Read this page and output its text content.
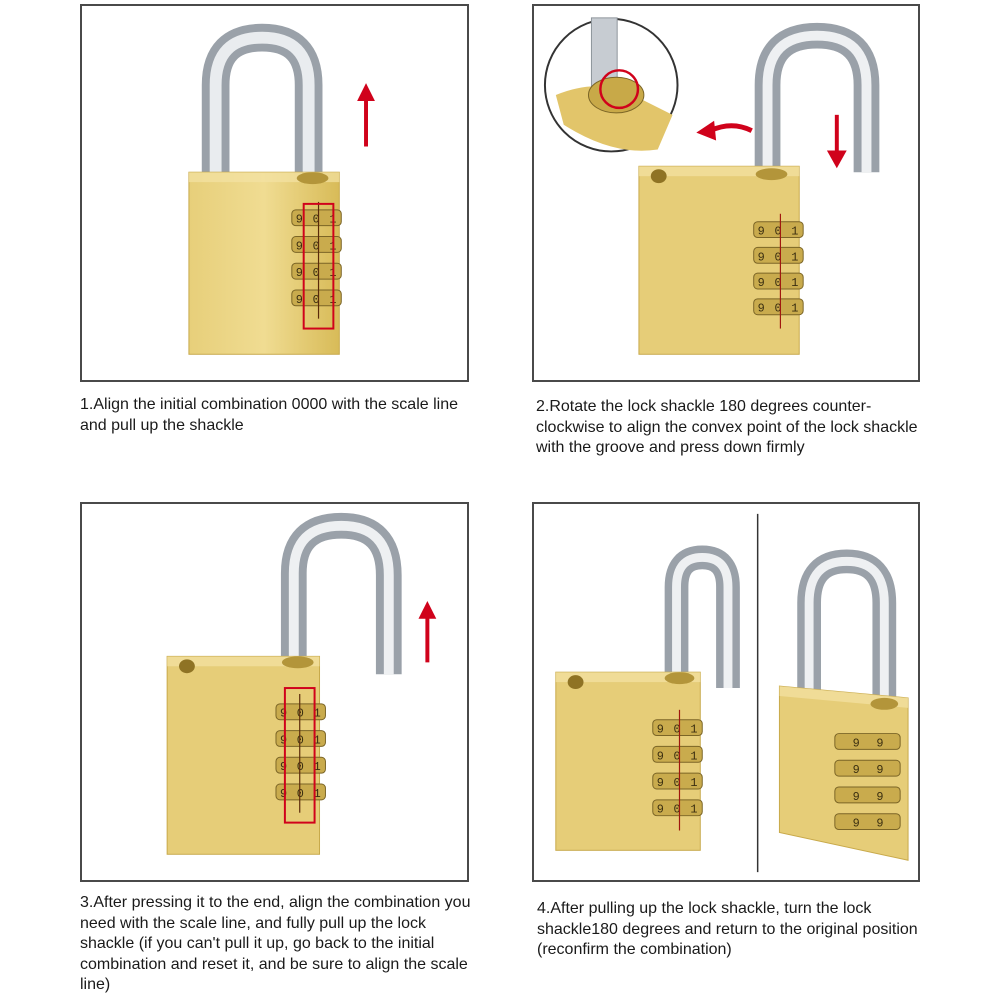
9 0 1
9 0 1
9 0 1
9 0 1

1.Align the initial combination 0000 with the scale line and pull up the shackle

9 0 1
9 0 1
9 0 1
9 0 1

2.Rotate the lock shackle 180 degrees counter-clockwise to align the convex point of the lock shackle with the groove and press down firmly

9 0 1
9 0 1
9 0 1
9 0 1

3.After pressing it to the end, align the combination you need with the scale line, and fully pull up the lock shackle (if you can't pull it up, go back to the initial combination and reset it, and be sure to align the scale line)

9 0 1
9 0 1
9 0 1
9 0 1
9 9
9 9
9 9
9 9

4.After pulling up the lock shackle, turn the lock shackle180 degrees and return to the original position (reconfirm the combination)
